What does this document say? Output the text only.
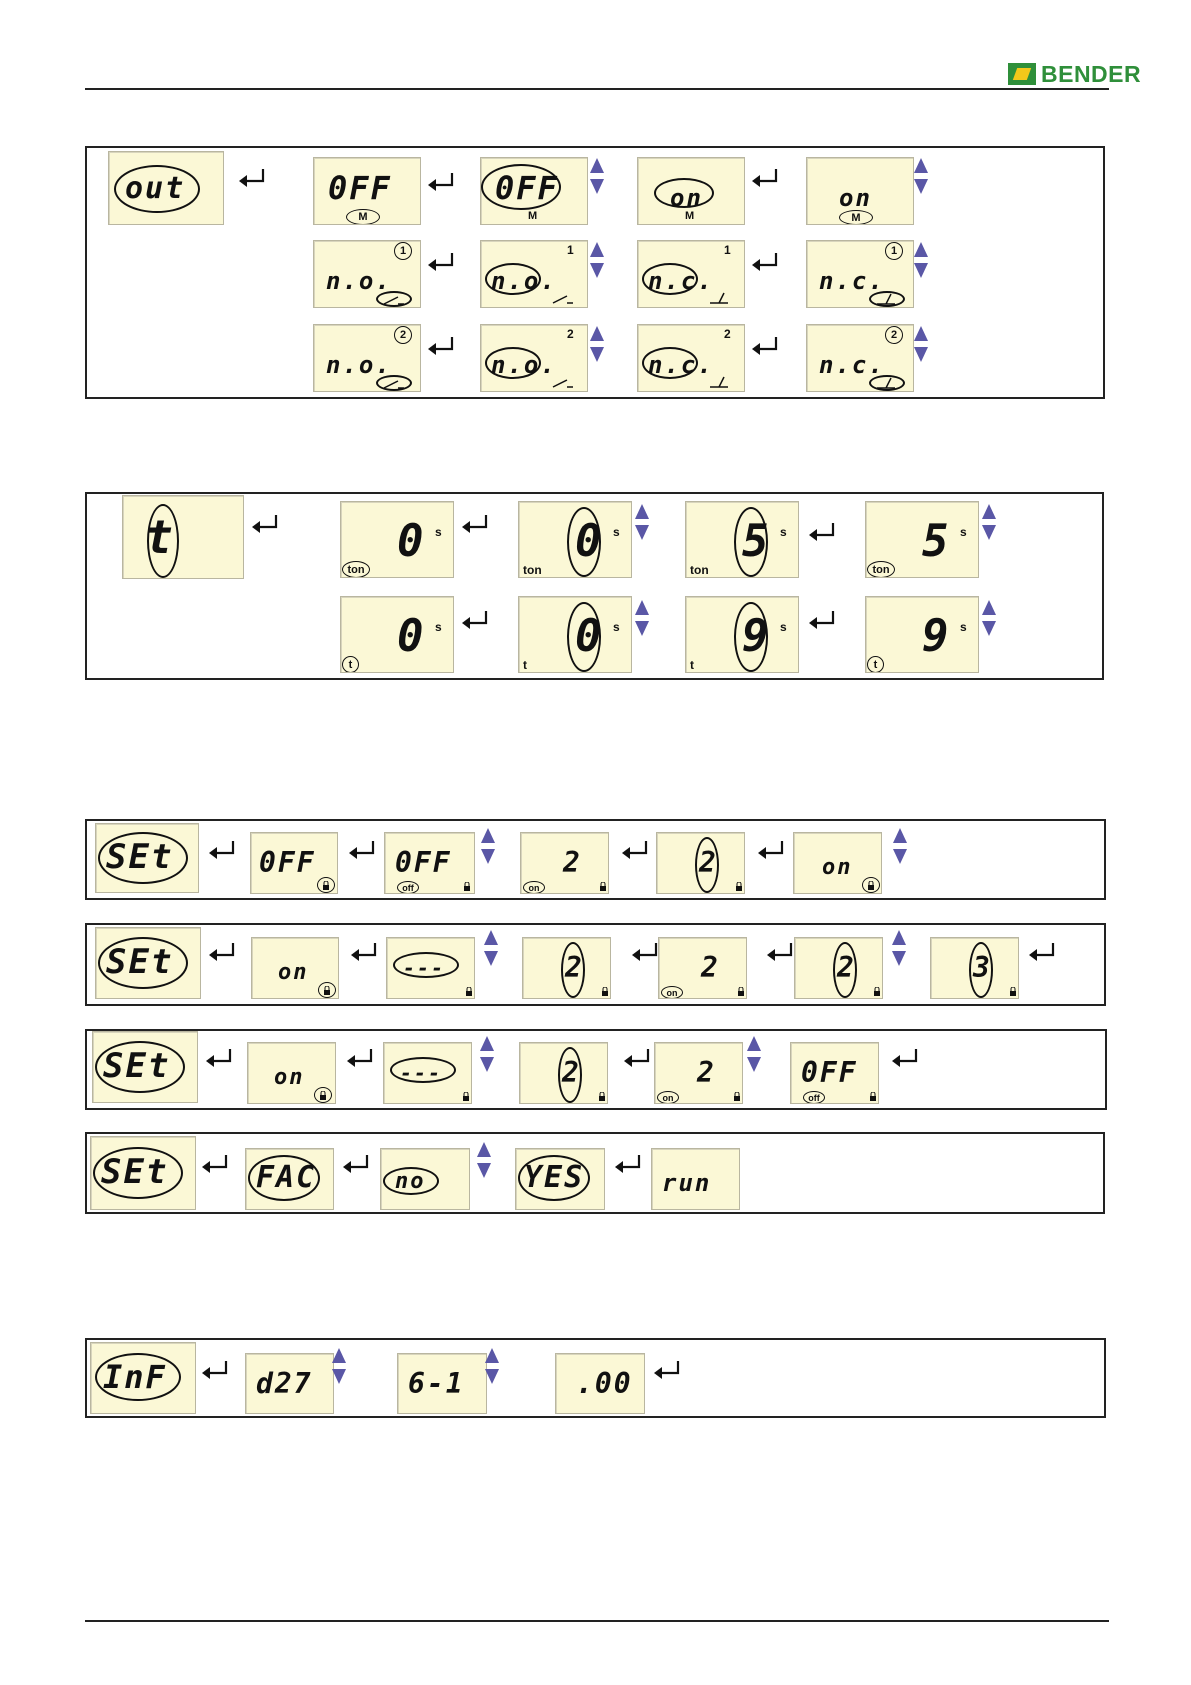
BENDER
out	0FF
M
0FF
M
on
M
on
M
n.o.
1
n.o.
1
n.c.
1
n.c.
1
n.o.
2
n.o.
2
n.c.
2
n.c.
2
t	0 s
ton
0 s
ton
5 s
ton
5 s
ton
0 s
t
0 s
t
9 s
t
9 s
t
SEt	0FF	0FF
off
2
on
2	on
SEt	on	---	2	2
on
2	3
SEt	on	---	2	2
on
0FF
off
SEt	FAC	no	YES	run
InF	d27	6-1	.00
